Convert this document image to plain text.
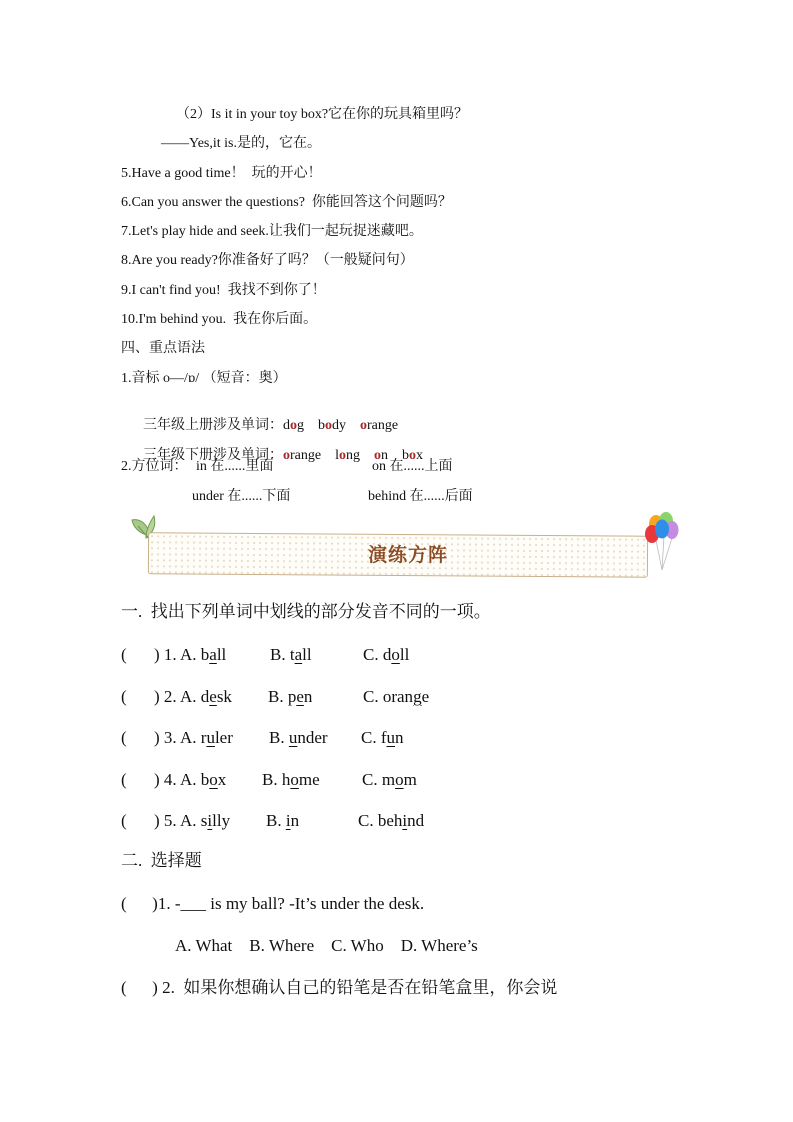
（2）Is it in your toy box?它在你的玩具箱里吗？
——Yes,it is.是的，它在。
5.Have a good time！  玩的开心！
6.Can you answer the questions?  你能回答这个问题吗？
7.Let's play hide and seek.让我们一起玩捉迷藏吧。
8.Are you ready?你准备好了吗？（一般疑问句）
9.I can't find you!  我找不到你了！
10.I'm behind you.  我在你后面。
四、重点语法
1.音标 o—/ɒ/ （短音：奥）

三年级上册涉及单词：dog body orange

三年级下册涉及单词：orange long on box

2.方位词： in 在......里面	on 在......上面
under 在......下面	behind 在......后面
演练方阵
一.  找出下列单词中划线的部分发音不同的一项。
( ) 1. A. ball	B. tall	C. doll
( ) 2. A. desk B. pen	C. orange
( ) 3. A. ruler B. under C. fun
( ) 4. A. box B. home C. mom
( ) 5. A. silly B. in	C. behind
二.  选择题
(      )1. -___ is my ball? -It’s under the desk.
A. What    B. Where    C. Who    D. Where’s
(      ) 2.  如果你想确认自己的铅笔是否在铅笔盒里，你会说
